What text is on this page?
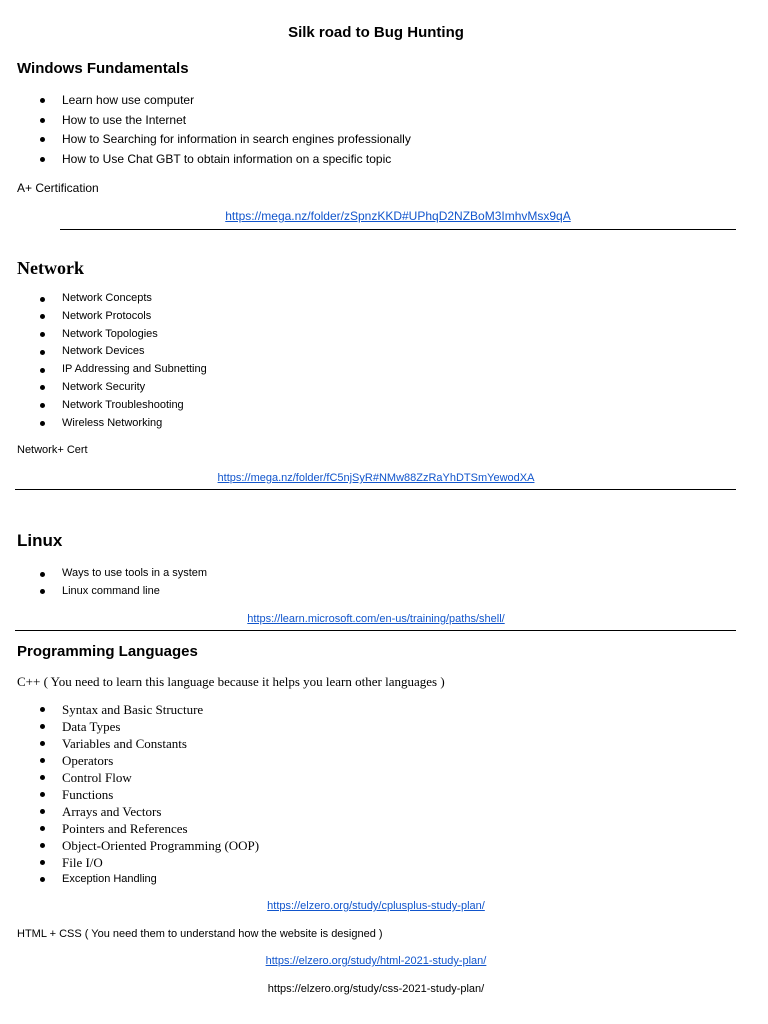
Silk road to Bug Hunting
Windows Fundamentals
Learn how use computer
How to use the Internet
How to Searching for information in search engines professionally
How to Use Chat GBT to obtain information on a specific topic
A+ Certification
https://mega.nz/folder/zSpnzKKD#UPhqD2NZBoM3ImhvMsx9qA
Network
Network Concepts
Network Protocols
Network Topologies
Network Devices
IP Addressing and Subnetting
Network Security
Network Troubleshooting
Wireless Networking
Network+ Cert
https://mega.nz/folder/fC5njSyR#NMw88ZzRaYhDTSmYewodXA
Linux
Ways to use tools in a system
Linux command line
https://learn.microsoft.com/en-us/training/paths/shell/
Programming Languages
C++ ( You need to learn this language because it helps you learn other languages )
Syntax and Basic Structure
Data Types
Variables and Constants
Operators
Control Flow
Functions
Arrays and Vectors
Pointers and References
Object-Oriented Programming (OOP)
File I/O
Exception Handling
https://elzero.org/study/cplusplus-study-plan/
HTML + CSS ( You need them to understand how the website is designed )
https://elzero.org/study/html-2021-study-plan/
https://elzero.org/study/css-2021-study-plan/
